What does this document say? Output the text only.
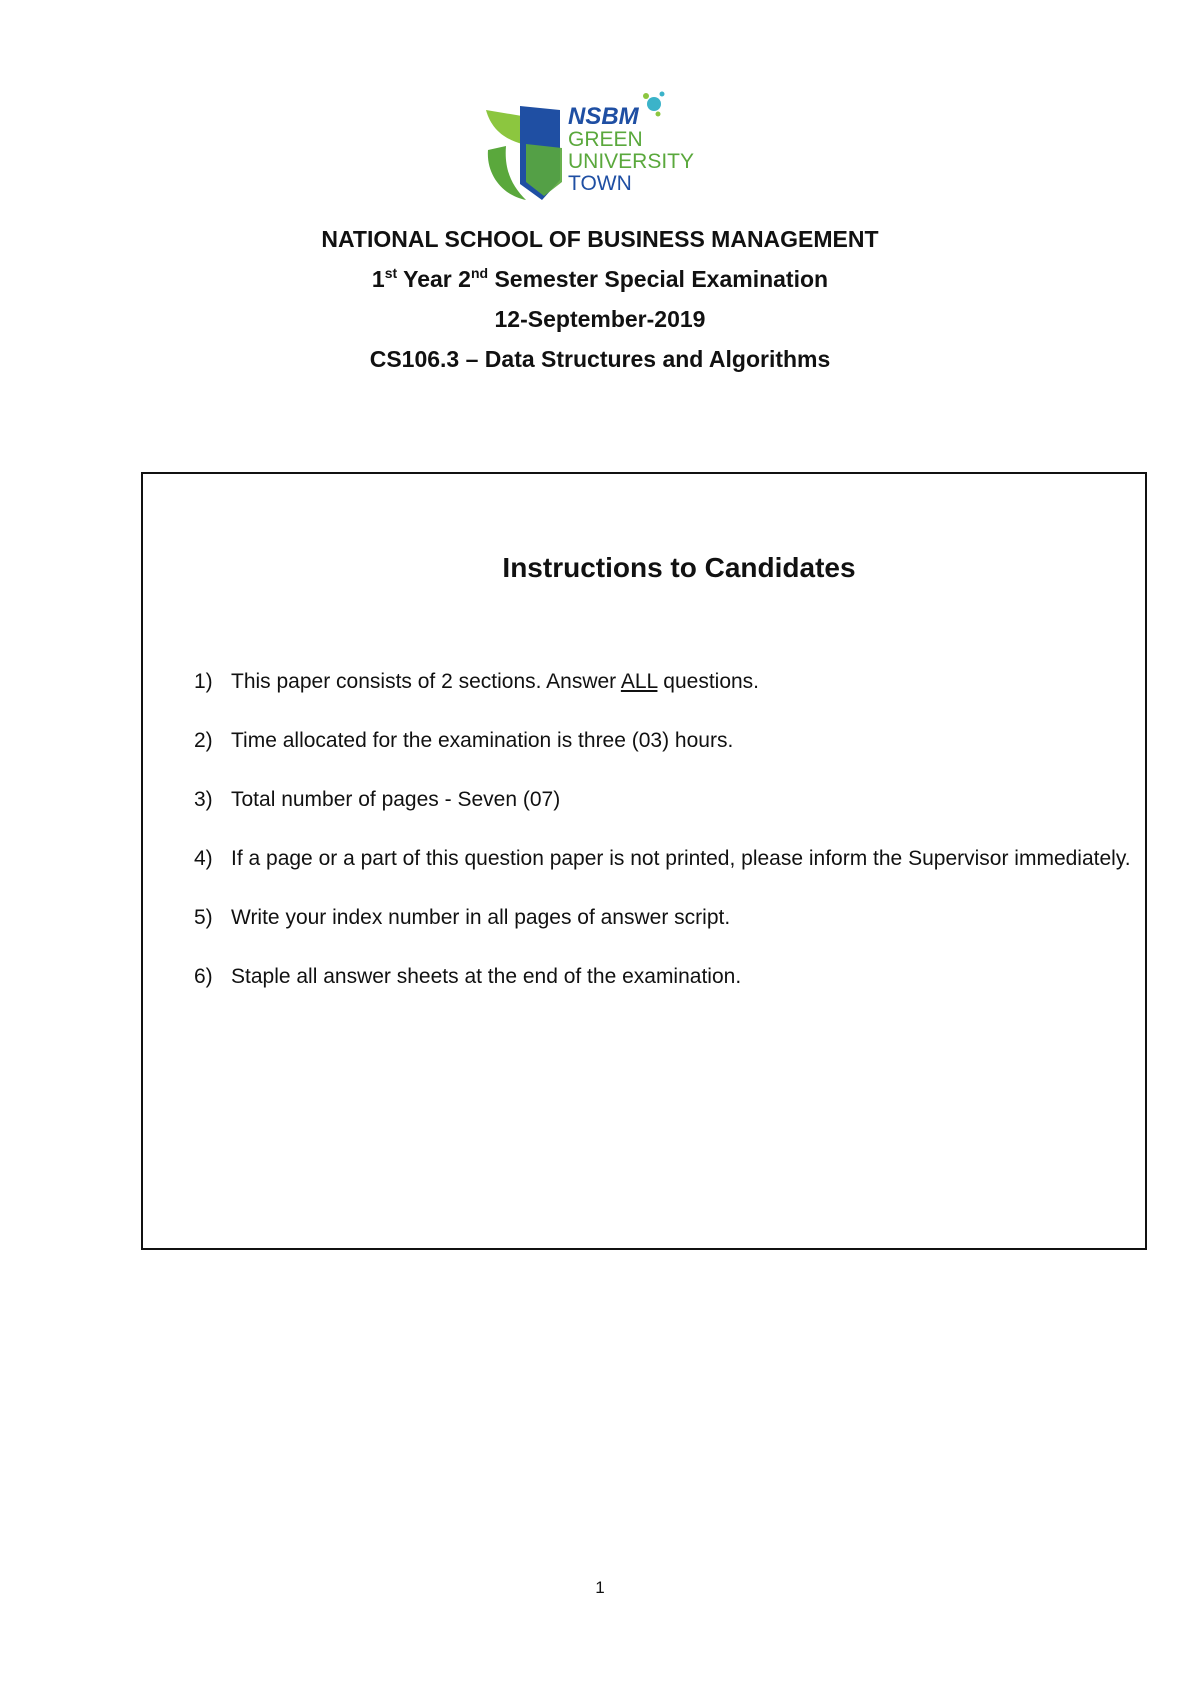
NSBM
GREEN
UNIVERSITY
TOWN
NATIONAL SCHOOL OF BUSINESS MANAGEMENT
1st Year 2nd Semester Special Examination
12-September-2019
CS106.3 – Data Structures and Algorithms
Instructions to Candidates
1) This paper consists of 2 sections. Answer ALL questions.
2) Time allocated for the examination is three (03) hours.
3) Total number of pages - Seven (07)
4) If a page or a part of this question paper is not printed, please inform the Supervisor immediately.
5) Write your index number in all pages of answer script.
6) Staple all answer sheets at the end of the examination.
1
